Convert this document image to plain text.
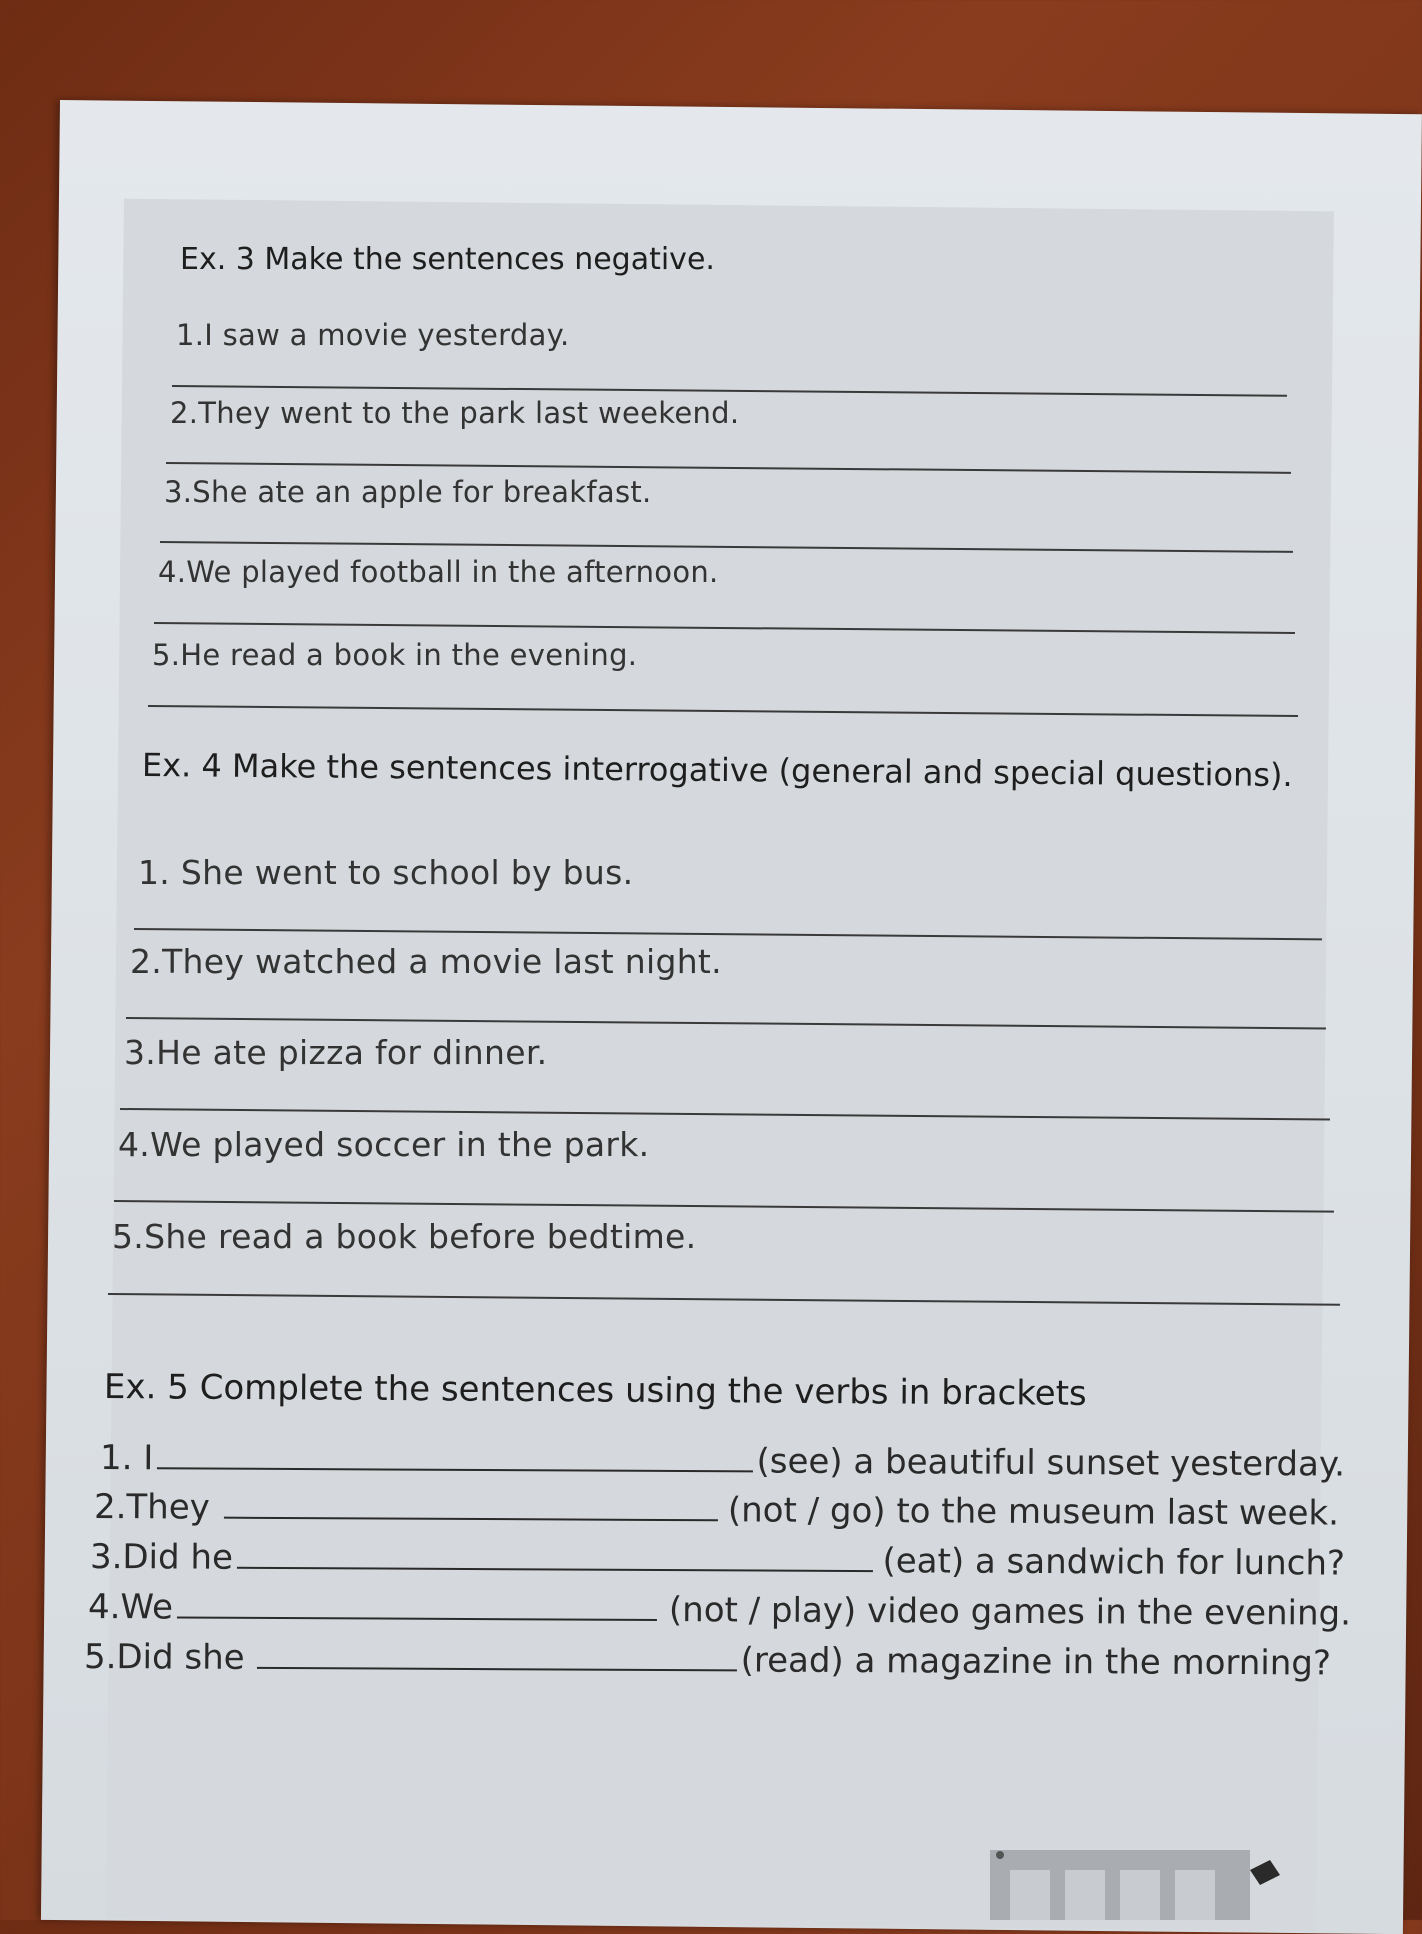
Ex. 3 Make the sentences negative.
1.I saw a movie yesterday.
2.They went to the park last weekend.
3.She ate an apple for breakfast.
4.We played football in the afternoon.
5.He read a book in the evening.
Ex. 4 Make the sentences interrogative (general and special questions).
1. She went to school by bus.
2.They watched a movie last night.
3.He ate pizza for dinner.
4.We played soccer in the park.
5.She read a book before bedtime.
Ex. 5 Complete the sentences using the verbs in brackets
1. I	(see) a beautiful sunset yesterday.
2.They	(not / go) to the museum last week.
3.Did he	(eat) a sandwich for lunch?
4.We	(not / play) video games in the evening.
5.Did she	(read) a magazine in the morning?
